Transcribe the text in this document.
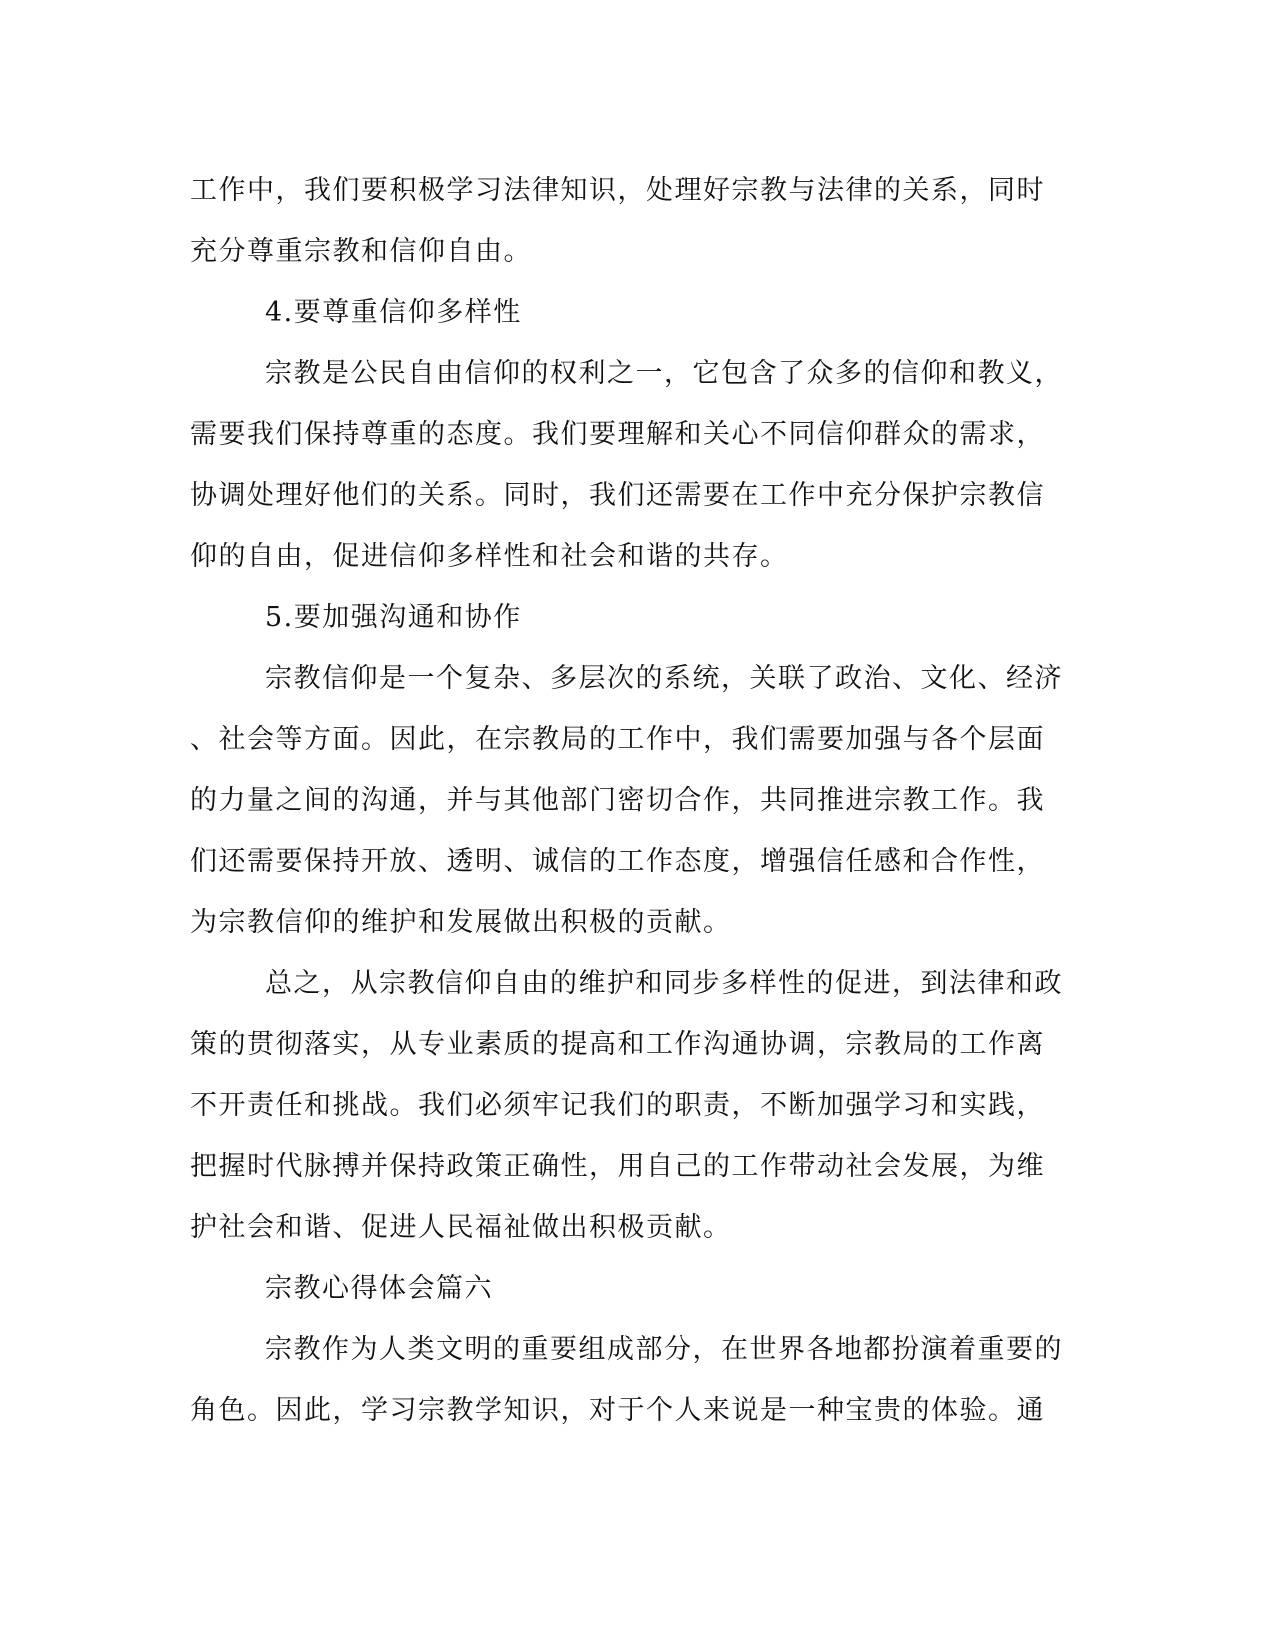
工作中，我们要积极学习法律知识，处理好宗教与法律的关系，同时
充分尊重宗教和信仰自由。
4.要尊重信仰多样性
宗教是公民自由信仰的权利之一，它包含了众多的信仰和教义，
需要我们保持尊重的态度。我们要理解和关心不同信仰群众的需求，
协调处理好他们的关系。同时，我们还需要在工作中充分保护宗教信
仰的自由，促进信仰多样性和社会和谐的共存。
5.要加强沟通和协作
宗教信仰是一个复杂、多层次的系统，关联了政治、文化、经济
、社会等方面。因此，在宗教局的工作中，我们需要加强与各个层面
的力量之间的沟通，并与其他部门密切合作，共同推进宗教工作。我
们还需要保持开放、透明、诚信的工作态度，增强信任感和合作性，
为宗教信仰的维护和发展做出积极的贡献。
总之，从宗教信仰自由的维护和同步多样性的促进，到法律和政
策的贯彻落实，从专业素质的提高和工作沟通协调，宗教局的工作离
不开责任和挑战。我们必须牢记我们的职责，不断加强学习和实践，
把握时代脉搏并保持政策正确性，用自己的工作带动社会发展，为维
护社会和谐、促进人民福祉做出积极贡献。
宗教心得体会篇六
宗教作为人类文明的重要组成部分，在世界各地都扮演着重要的
角色。因此，学习宗教学知识，对于个人来说是一种宝贵的体验。通
